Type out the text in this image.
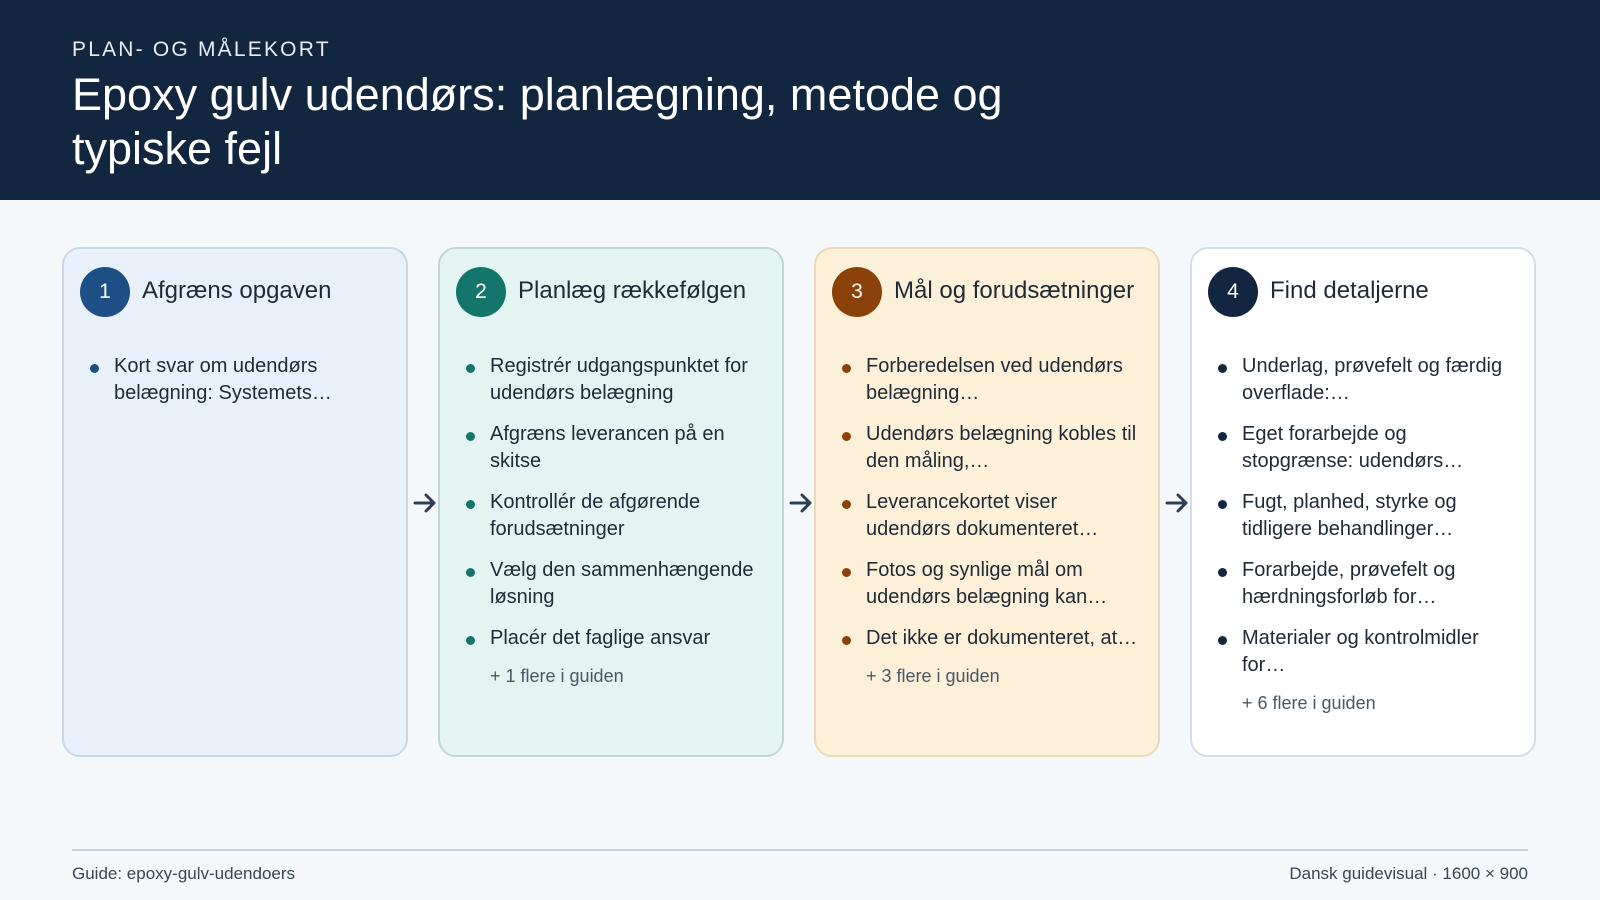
PLAN- OG MÅLEKORT
Epoxy gulv udendørs: planlægning, metode og typiske fejl
1	Afgræns opgaven
Kort svar om udendørs belægning: Systemets…
2	Planlæg rækkefølgen
Registrér udgangspunktet for udendørs belægning
Afgræns leverancen på en skitse
Kontrollér de afgørende forudsætninger
Vælg den sammenhængende løsning
Placér det faglige ansvar
+ 1 flere i guiden
3	Mål og forudsætninger
Forberedelsen ved udendørs belægning…
Udendørs belægning kobles til den måling,…
Leverancekortet viser udendørs dokumenteret…
Fotos og synlige mål om udendørs belægning kan…
Det ikke er dokumenteret, at…
+ 3 flere i guiden
4	Find detaljerne
Underlag, prøvefelt og færdig overflade:…
Eget forarbejde og stopgrænse: udendørs…
Fugt, planhed, styrke og tidligere behandlinger…
Forarbejde, prøvefelt og hærdningsforløb for…
Materialer og kontrolmidler for…
+ 6 flere i guiden
Guide: epoxy-gulv-udendoers	Dansk guidevisual · 1600 × 900
